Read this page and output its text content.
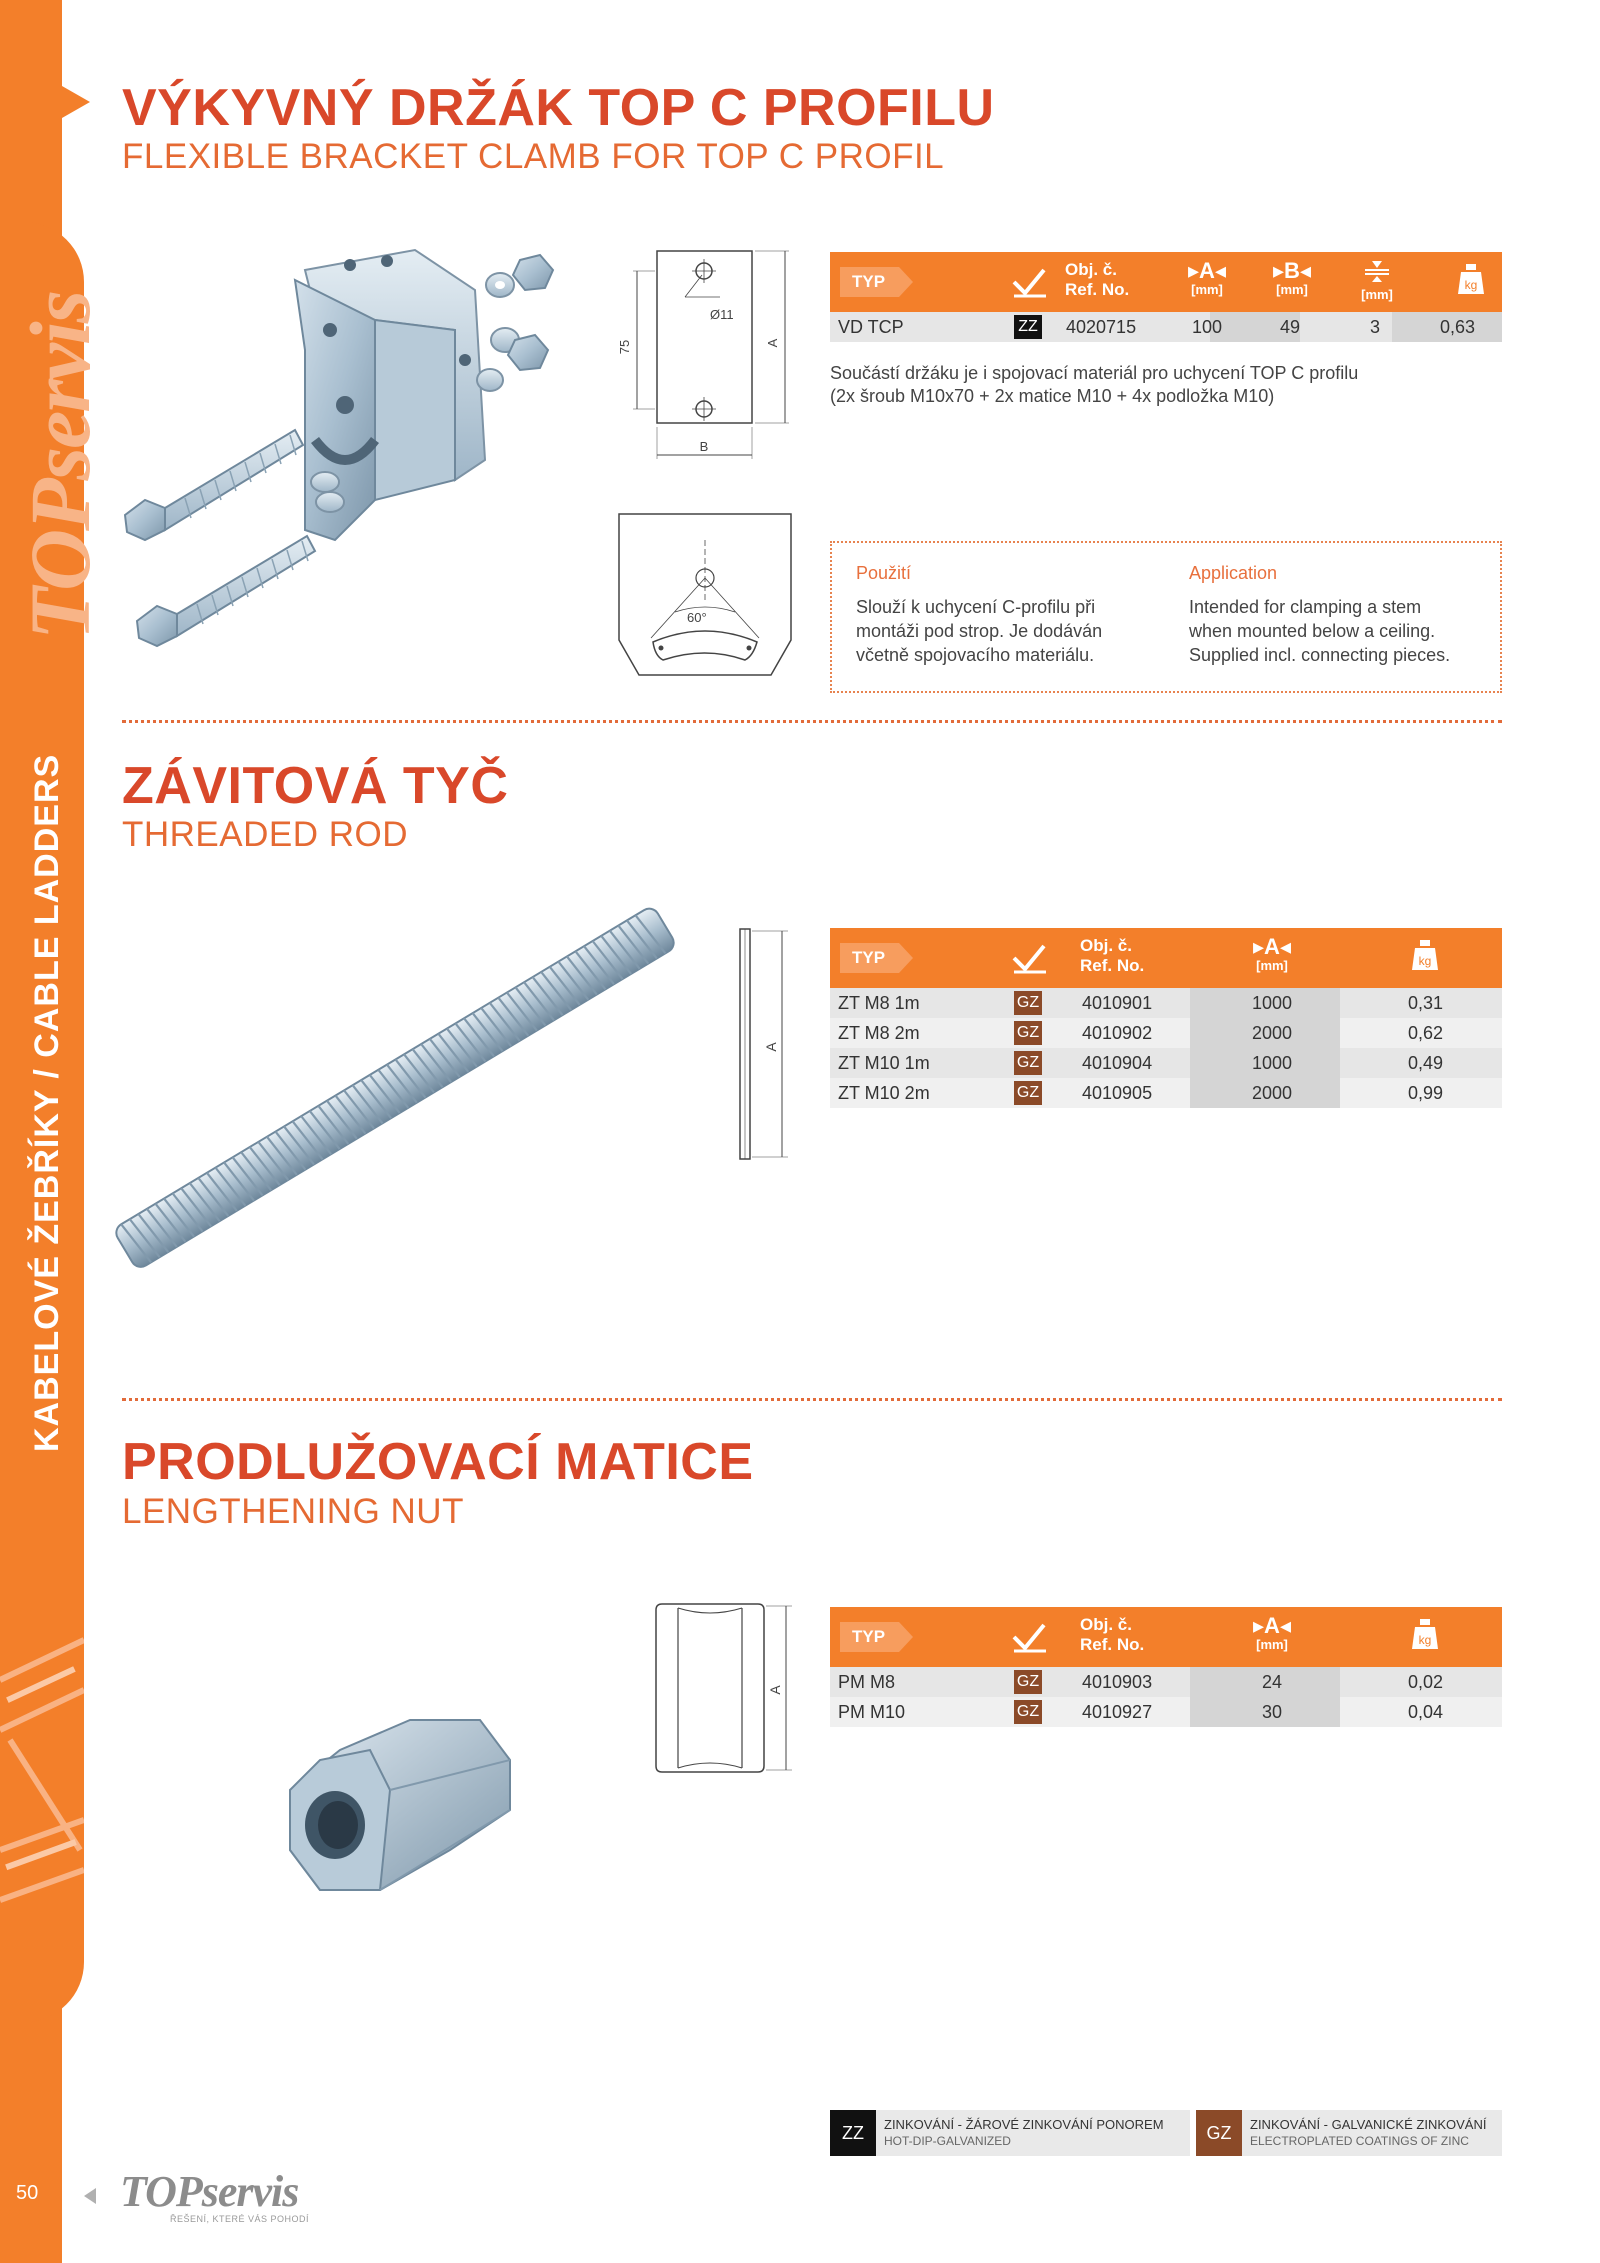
TOPservis
KABELOVÉ ŽEBŘÍKY / CABLE LADDERS
50
VÝKYVNÝ DRŽÁK TOP C PROFILU
FLEXIBLE BRACKET CLAMB FOR TOP C PROFIL
Ø11
75	A
B
60°
TYP
Obj. č.
Ref. No.
▸A◂
[mm]
▸B◂
[mm]	[mm]
kg
VD TCP	ZZ 4020715	100	49	3	0,63
Součástí držáku je i spojovací materiál pro uchycení TOP C profilu
(2x šroub M10x70 + 2x matice M10 + 4x podložka M10)
Použití
Slouží k uchycení C-profilu při
montáži pod strop. Je dodáván
včetně spojovacího materiálu.
Application
Intended for clamping a stem
when mounted below a ceiling.
Supplied incl. connecting pieces.
ZÁVITOVÁ TYČ
THREADED ROD
A
TYP
Obj. č.
Ref. No.
▸A◂
[mm]	kg
ZT M8 1m	GZ 4010901	1000	0,31
ZT M8 2m	GZ 4010902	2000	0,62
ZT M10 1m	GZ 4010904	1000	0,49
ZT M10 2m	GZ 4010905	2000	0,99
PRODLUŽOVACÍ MATICE
LENGTHENING NUT
A
TYP
Obj. č.
Ref. No.
▸A◂
[mm]	kg
PM M8	GZ 4010903	24	0,02
PM M10	GZ 4010927	30	0,04
ZZ	ZINKOVÁNÍ - ŽÁROVÉ ZINKOVÁNÍ PONOREM
HOT-DIP-GALVANIZED	GZ	ZINKOVÁNÍ - GALVANICKÉ ZINKOVÁNÍ
ELECTROPLATED COATINGS OF ZINC
TOPservis
ŘEŠENÍ, KTERÉ VÁS POHODÍ
